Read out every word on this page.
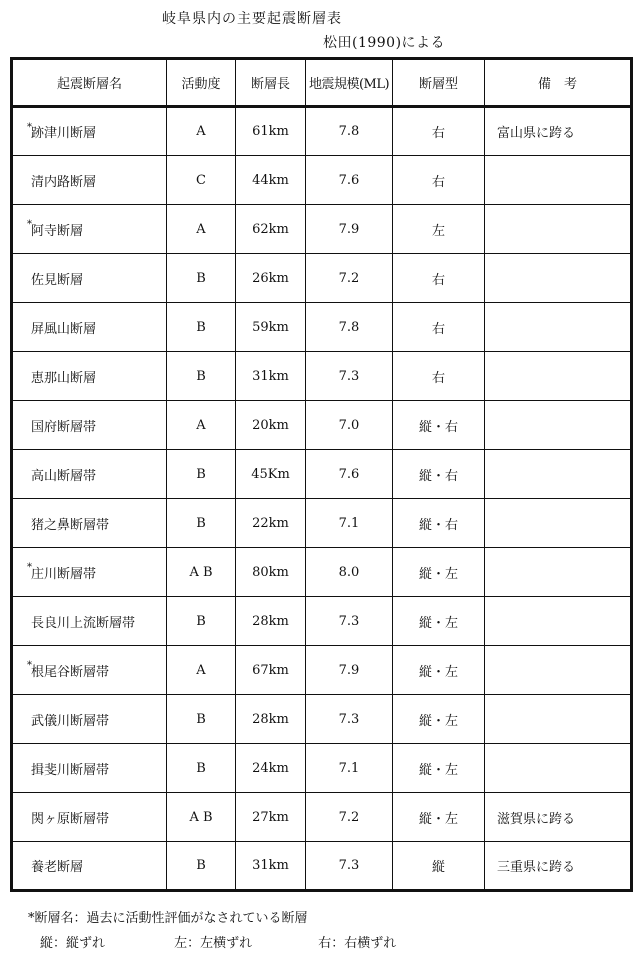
岐阜県内の主要起震断層表
松田(1990)による
起震断層名	活動度	断層長	地震規模(ML)	断層型	備　考

* 跡津川断層	A	61km	7.8	右	富山県に跨る

清内路断層	C	44km	7.6	右	

* 阿寺断層	A	62km	7.9	左	

佐見断層	B	26km	7.2	右	

屏風山断層	B	59km	7.8	右	

恵那山断層	B	31km	7.3	右	

国府断層帯	A	20km	7.0	縦・右	

高山断層帯	B	45Km	7.6	縦・右	

猪之鼻断層帯	B	22km	7.1	縦・右	

* 庄川断層帯	A B	80km	8.0	縦・左	

長良川上流断層帯	B	28km	7.3	縦・左	

* 根尾谷断層帯	A	67km	7.9	縦・左	

武儀川断層帯	B	28km	7.3	縦・左	

揖斐川断層帯	B	24km	7.1	縦・左	

関ヶ原断層帯	A B	27km	7.2	縦・左	滋賀県に跨る

養老断層	B	31km	7.3	縦	三重県に跨る
*断層名：過去に活動性評価がなされている断層
縦：縦ずれ	左：左横ずれ	右：右横ずれ
